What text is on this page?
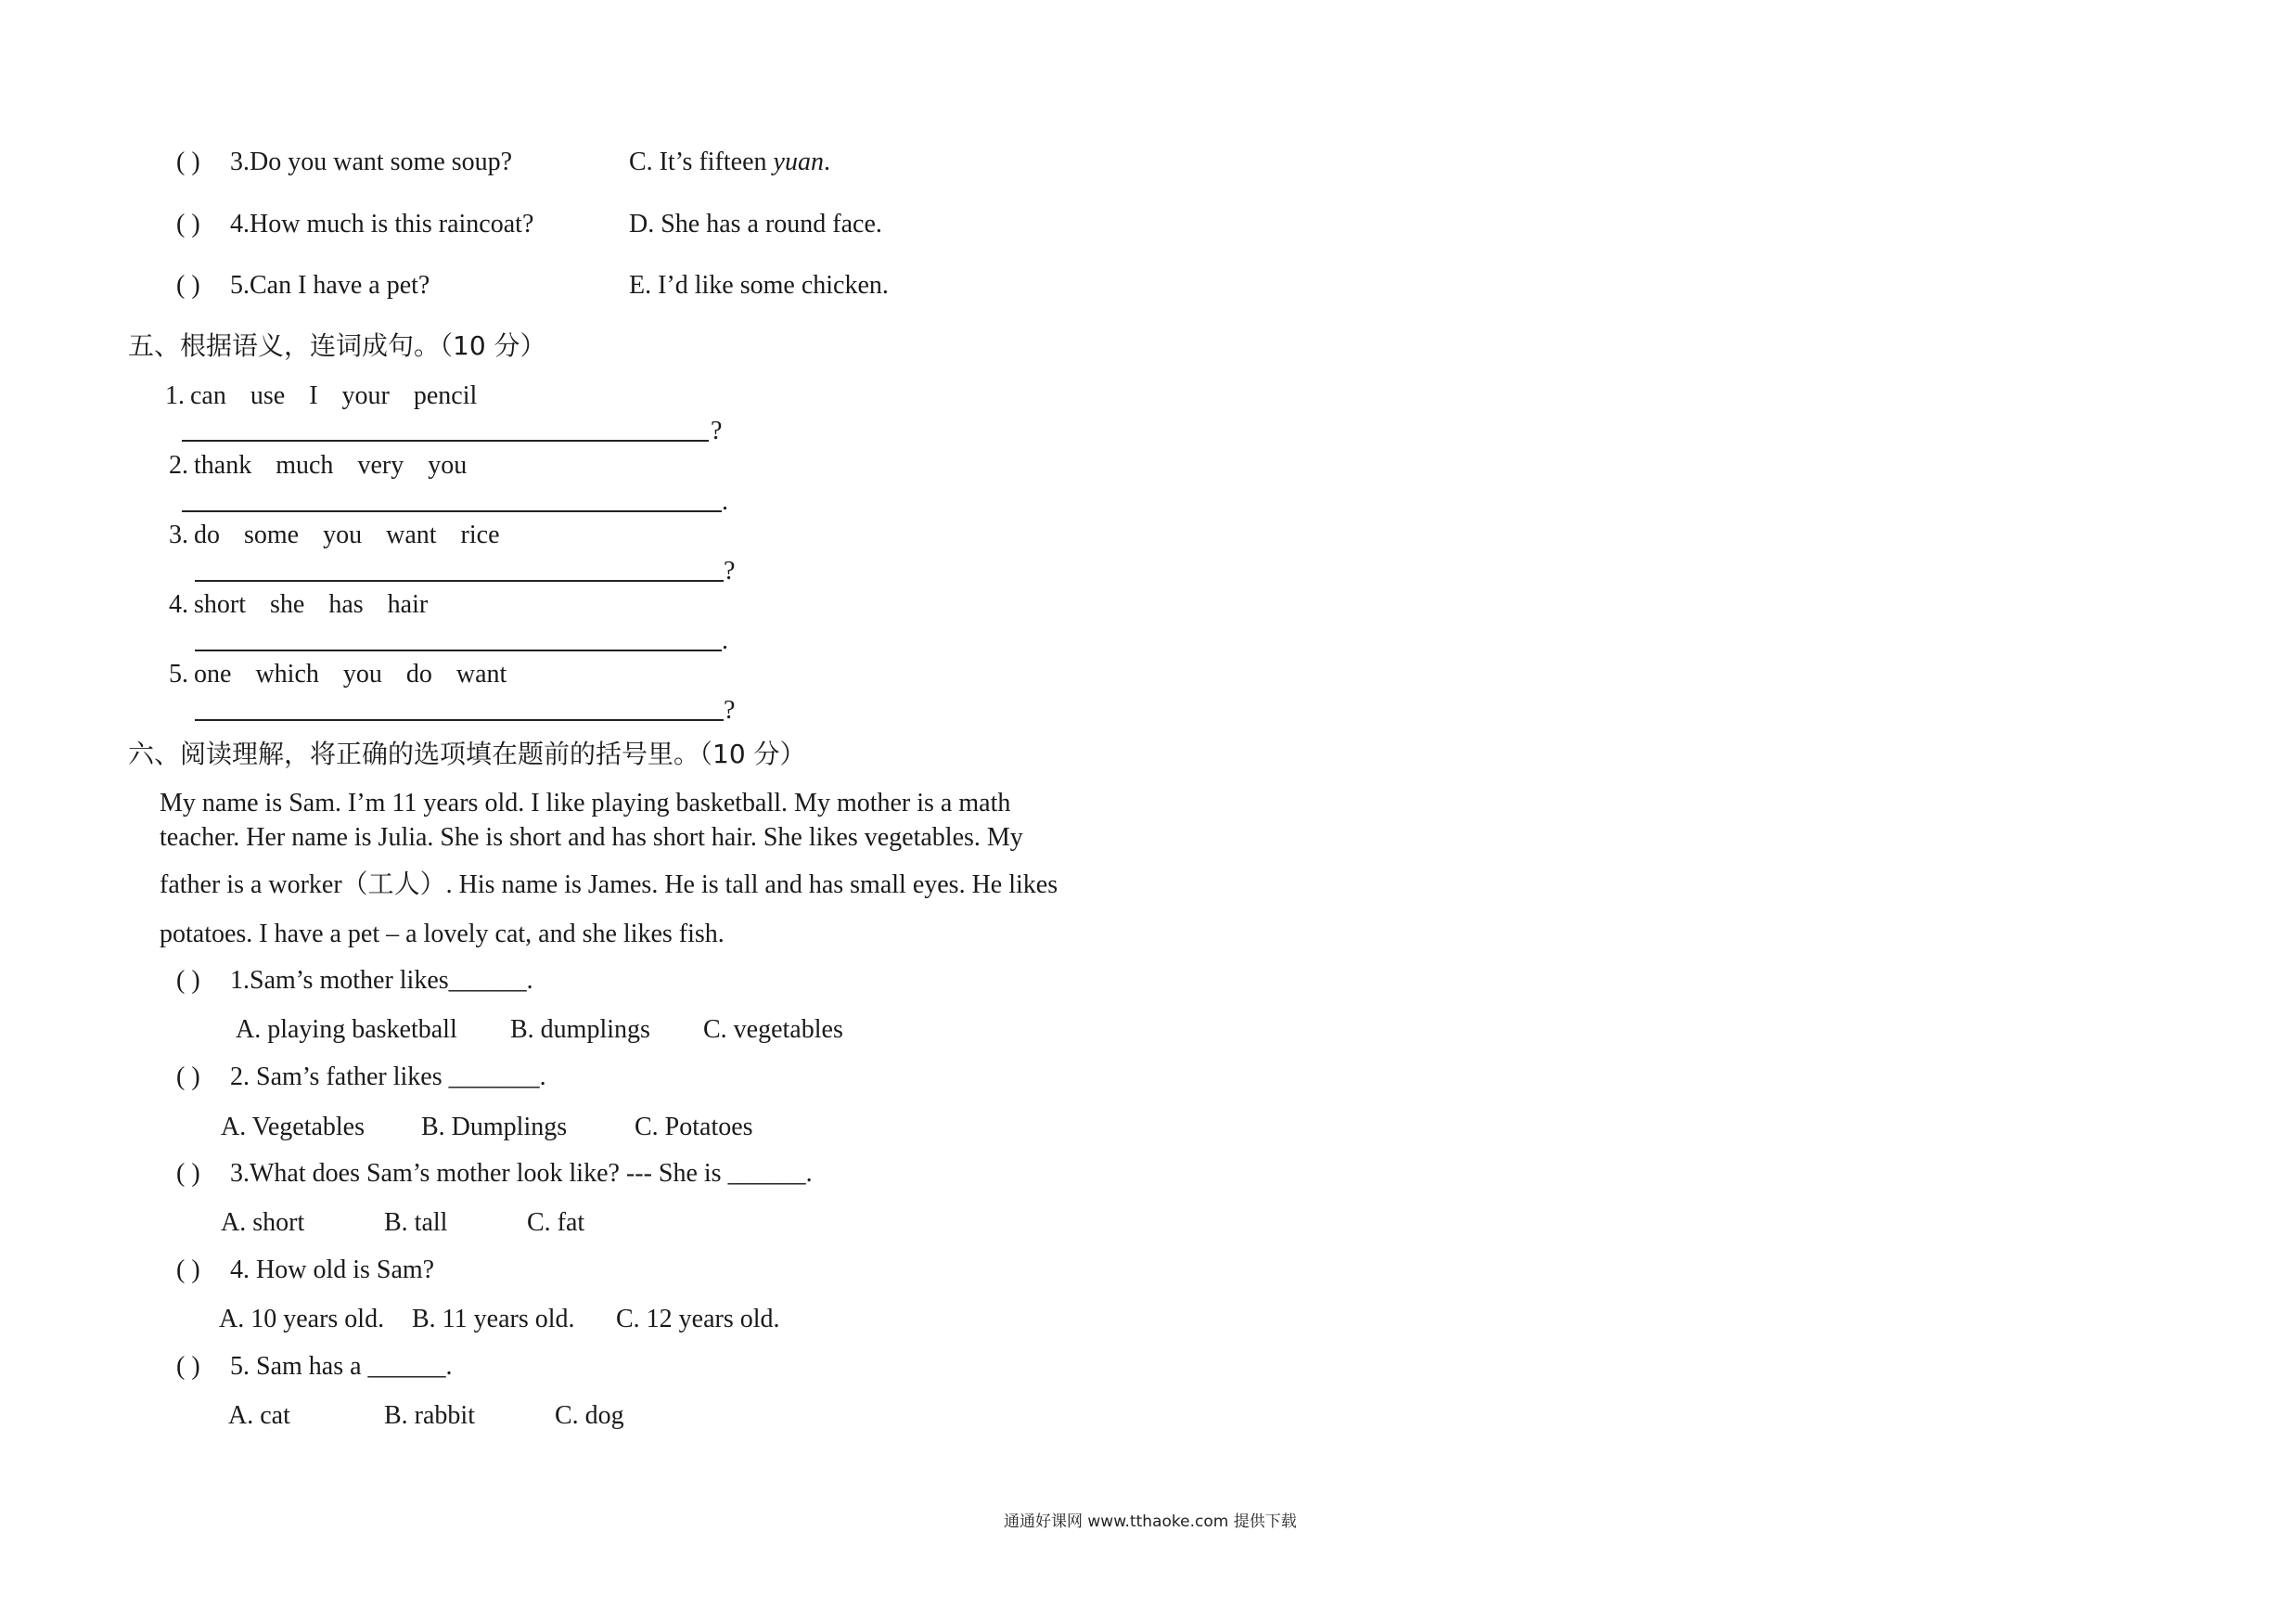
( ) 3.Do you want some soup?	C. It’s fifteen yuan.
( ) 4.How much is this raincoat?	D. She has a round face.
( ) 5.Can I have a pet?	E. I’d like some chicken.
五、根据语义，连词成句。（10 分）
1. can use I your pencil
?
2. thank much very you
.
3. do some you want rice
?
4. short she has hair
.
5. one which you do want
?
六、阅读理解，将正确的选项填在题前的括号里。（10 分）
My name is Sam. I’m 11 years old. I like playing basketball. My mother is a math
teacher. Her name is Julia. She is short and has short hair. She likes vegetables. My
father is a worker（工人）. His name is James. He is tall and has small eyes. He likes
potatoes. I have a pet – a lovely cat, and she likes fish.
( ) 1.Sam’s mother likes______.
A. playing basketball B. dumplings C. vegetables
( ) 2. Sam’s father likes _______.
A. Vegetables B. Dumplings	C. Potatoes
( ) 3.What does Sam’s mother look like? --- She is ______.
A. short	B. tall	C. fat
( ) 4. How old is Sam?
A. 10 years old. B. 11 years old. C. 12 years old.
( ) 5. Sam has a ______.
A. cat	B. rabbit	C. dog
通通好课网 www.tthaoke.com 提供下载
